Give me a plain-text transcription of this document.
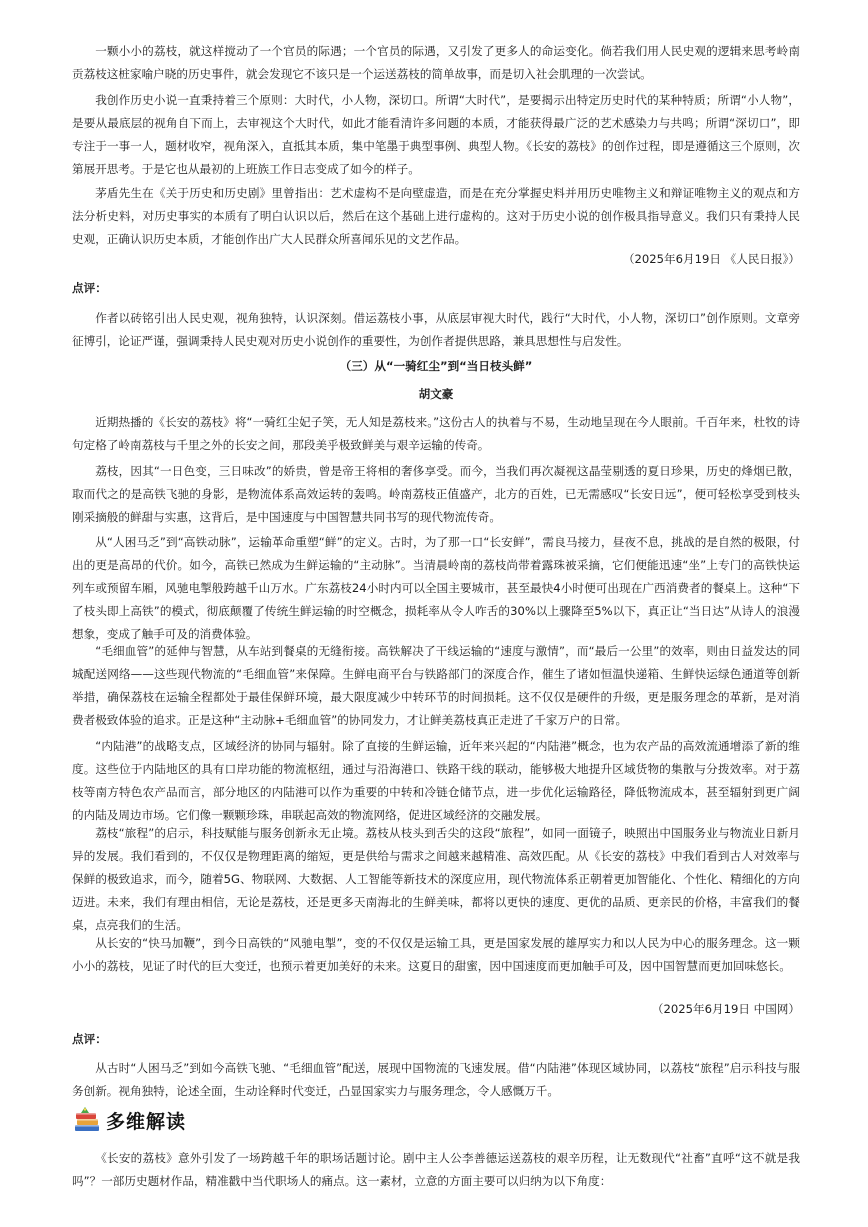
一颗小小的荔枝，就这样搅动了一个官员的际遇；一个官员的际遇，又引发了更多人的命运变化。倘若我们用人民史观的逻辑来思考岭南贡荔枝这桩家喻户晓的历史事件，就会发现它不该只是一个运送荔枝的简单故事，而是切入社会肌理的一次尝试。

我创作历史小说一直秉持着三个原则：大时代，小人物，深切口。所谓“大时代”，是要揭示出特定历史时代的某种特质；所谓“小人物”，是要从最底层的视角自下而上，去审视这个大时代，如此才能看清许多问题的本质，才能获得最广泛的艺术感染力与共鸣；所谓“深切口”，即专注于一事一人，题材收窄，视角深入，直抵其本质，集中笔墨于典型事例、典型人物。《长安的荔枝》的创作过程，即是遵循这三个原则，次第展开思考。于是它也从最初的上班族工作日志变成了如今的样子。

茅盾先生在《关于历史和历史剧》里曾指出：艺术虚构不是向壁虚造，而是在充分掌握史料并用历史唯物主义和辩证唯物主义的观点和方法分析史料，对历史事实的本质有了明白认识以后，然后在这个基础上进行虚构的。这对于历史小说的创作极具指导意义。我们只有秉持人民史观，正确认识历史本质，才能创作出广大人民群众所喜闻乐见的文艺作品。

（2025年6月19日 《人民日报》）

点评：

作者以砖铭引出人民史观，视角独特，认识深刻。借运荔枝小事，从底层审视大时代，践行“大时代，小人物，深切口”创作原则。文章旁征博引，论证严谨，强调秉持人民史观对历史小说创作的重要性，为创作者提供思路，兼具思想性与启发性。

（三）从“一骑红尘”到“当日枝头鲜”

胡文豪

近期热播的《长安的荔枝》将“一骑红尘妃子笑，无人知是荔枝来。”这份古人的执着与不易，生动地呈现在今人眼前。千百年来，杜牧的诗句定格了岭南荔枝与千里之外的长安之间，那段美乎极致鲜美与艰辛运输的传奇。

荔枝，因其“一日色变，三日味改”的娇贵，曾是帝王将相的奢侈享受。而今，当我们再次凝视这晶莹剔透的夏日珍果，历史的烽烟已散，取而代之的是高铁飞驰的身影，是物流体系高效运转的轰鸣。岭南荔枝正值盛产，北方的百姓，已无需感叹“长安日远”，便可轻松享受到枝头刚采摘般的鲜甜与实惠，这背后，是中国速度与中国智慧共同书写的现代物流传奇。

从“人困马乏”到“高铁动脉”，运输革命重塑“鲜”的定义。古时，为了那一口“长安鲜”，需良马接力，昼夜不息，挑战的是自然的极限，付出的更是高昂的代价。如今，高铁已然成为生鲜运输的“主动脉”。当清晨岭南的荔枝尚带着露珠被采摘，它们便能迅速“坐”上专门的高铁快运列车或预留车厢，风驰电掣般跨越千山万水。广东荔枝24小时内可以全国主要城市，甚至最快4小时便可出现在广西消费者的餐桌上。这种“下了枝头即上高铁”的模式，彻底颠覆了传统生鲜运输的时空概念，损耗率从令人咋舌的30%以上骤降至5%以下，真正让“当日达”从诗人的浪漫想象，变成了触手可及的消费体验。

“毛细血管”的延伸与智慧，从车站到餐桌的无缝衔接。高铁解决了干线运输的“速度与激情”，而“最后一公里”的效率，则由日益发达的同城配送网络——这些现代物流的“毛细血管”来保障。生鲜电商平台与铁路部门的深度合作，催生了诸如恒温快递箱、生鲜快运绿色通道等创新举措，确保荔枝在运输全程都处于最佳保鲜环境，最大限度减少中转环节的时间损耗。这不仅仅是硬件的升级，更是服务理念的革新，是对消费者极致体验的追求。正是这种“主动脉+毛细血管”的协同发力，才让鲜美荔枝真正走进了千家万户的日常。

“内陆港”的战略支点，区域经济的协同与辐射。除了直接的生鲜运输，近年来兴起的“内陆港”概念，也为农产品的高效流通增添了新的维度。这些位于内陆地区的具有口岸功能的物流枢纽，通过与沿海港口、铁路干线的联动，能够极大地提升区域货物的集散与分拨效率。对于荔枝等南方特色农产品而言，部分地区的内陆港可以作为重要的中转和冷链仓储节点，进一步优化运输路径，降低物流成本，甚至辐射到更广阔的内陆及周边市场。它们像一颗颗珍珠，串联起高效的物流网络，促进区域经济的交融发展。

荔枝“旅程”的启示，科技赋能与服务创新永无止境。荔枝从枝头到舌尖的这段“旅程”，如同一面镜子，映照出中国服务业与物流业日新月异的发展。我们看到的，不仅仅是物理距离的缩短，更是供给与需求之间越来越精准、高效匹配。从《长安的荔枝》中我们看到古人对效率与保鲜的极致追求，而今，随着5G、物联网、大数据、人工智能等新技术的深度应用，现代物流体系正朝着更加智能化、个性化、精细化的方向迈进。未来，我们有理由相信，无论是荔枝，还是更多天南海北的生鲜美味，都将以更快的速度、更优的品质、更亲民的价格，丰富我们的餐桌，点亮我们的生活。

从长安的“快马加鞭”，到今日高铁的“风驰电掣”，变的不仅仅是运输工具，更是国家发展的雄厚实力和以人民为中心的服务理念。这一颗小小的荔枝，见证了时代的巨大变迁，也预示着更加美好的未来。这夏日的甜蜜，因中国速度而更加触手可及，因中国智慧而更加回味悠长。

（2025年6月19日 中国网）

点评：

从古时“人困马乏”到如今高铁飞驰、“毛细血管”配送，展现中国物流的飞速发展。借“内陆港”体现区域协同，以荔枝“旅程”启示科技与服务创新。视角独特，论述全面，生动诠释时代变迁，凸显国家实力与服务理念，令人感慨万千。

多维解读

《长安的荔枝》意外引发了一场跨越千年的职场话题讨论。剧中主人公李善德运送荔枝的艰辛历程，让无数现代“社畜”直呼“这不就是我吗”？一部历史题材作品，精准戳中当代职场人的痛点。这一素材，立意的方面主要可以归纳为以下角度：
